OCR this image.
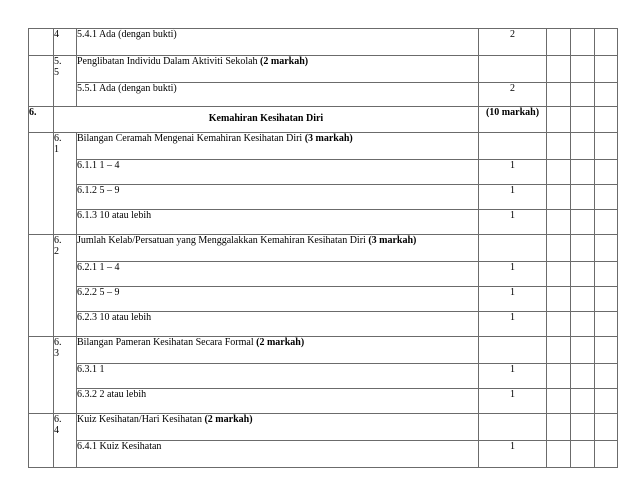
	4	5.4.1 Ada (dengan bukti)	2			
	5.
5	Penglibatan Individu Dalam Aktiviti Sekolah (2 markah)				
		5.5.1 Ada (dengan bukti)	2			
6.	Kemahiran Kesihatan Diri		(10 markah)			
	6.
1	Bilangan Ceramah Mengenai Kemahiran Kesihatan Diri (3 markah)				
		6.1.1 1 – 4	1			
		6.1.2 5 – 9	1			
		6.1.3 10 atau lebih	1			
	6.
2	Jumlah Kelab/Persatuan yang Menggalakkan Kemahiran Kesihatan Diri (3 markah)				
		6.2.1 1 – 4	1			
		6.2.2 5 – 9	1			
		6.2.3 10 atau lebih	1			
	6.
3	Bilangan Pameran Kesihatan Secara Formal (2 markah)				
		6.3.1 1	1			
		6.3.2 2 atau lebih	1			
	6.
4	Kuiz Kesihatan/Hari Kesihatan (2 markah)				
		6.4.1 Kuiz Kesihatan	1			
